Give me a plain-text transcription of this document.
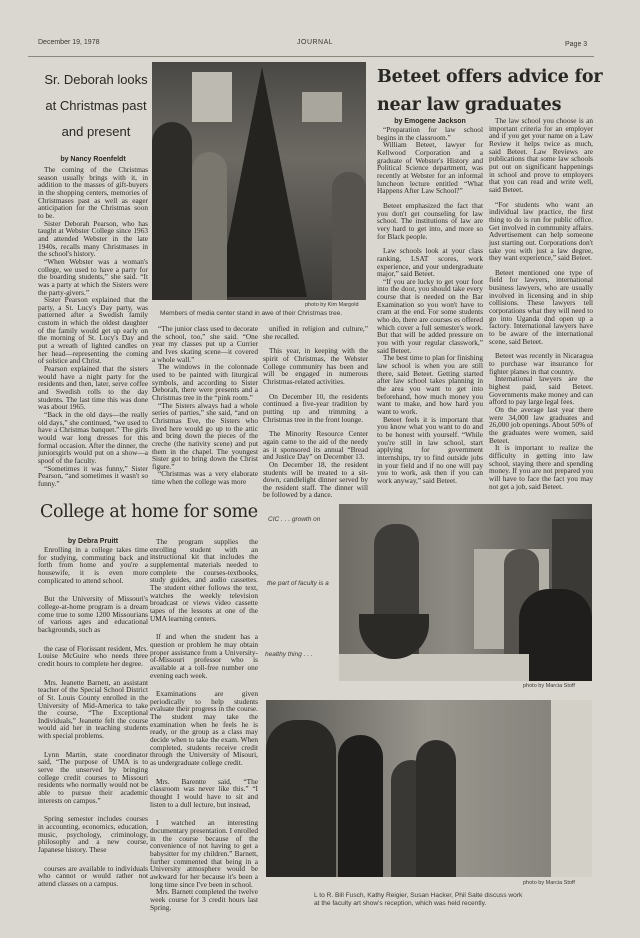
December 19, 1978	JOURNAL	Page 3
Sr. Deborah looks
at Christmas past
and present
by Nancy Roenfeldt

The coming of the Christmas season usually brings with it, in addition to the masses of gift-buyers in the shopping centers, memories of Christmases past as well as eager anticipation for the Christmas soon to be.

Sister Deborah Pearson, who has taught at Webster College since 1963 and attended Webster in the late 1940s, recalls many Christmases in the school's history.

“When Webster was a woman's college, we used to have a party for the boarding students,” she said. “It was a party at which the Sisters were the party-givers.”

Sister Pearson explained that the party, a St. Lucy's Day party, was patterned after a Swedish family custom in which the oldest daughter of the family would get up early on the morning of St. Lucy's Day and put a wreath of lighted candles on her head—representing the coming of solstice and Christ.

Pearson explained that the sisters would have a night party for the residents and then, later, serve coffee and Swedish rolls to the day students. The last time this was done was about 1965.

“Back in the old days—the really old days,” she continued, “we used to have a Christmas banquet.” The girls would war long dresses for this formal occasion. After the dinner, the juniorsgirls would put on a show—a spoof of the faculty.

“Sometimes it was funny,” Sister Pearson, “and sometimes it wasn't so funny.”

photo by Kim Margold
Members of media center stand in awe of their Christmas tree.

“The junior class used to decorate the school, too,” she said. “One year my classes put up a Currier and Ives skating scene—it covered a whole wall.”

The windows in the colonnade used to be painted with liturgical symbols, and according to Sister Deborah, there were presents and a Christmas tree in the “pink room.”

“The Sisters always had a whole series of parties,” she said, “and on Christmas Eve, the Sisters who lived here would go up to the attic and bring down the pieces of the creche (the nativity scene) and put them in the chapel. The youngest Sister got to bring down the Christ figure.”

“Christmas was a very elaborate time when the college was more

unified in religion and culture,” she recalled.

This year, in keeping with the spirit of Christmas, the Webster College community has been and will be engaged in numerous Christmas-related activities.

On December 10, the residents continued a five-year tradition by putting up and trimming a Christmas tree in the front lounge.

The Minority Resource Center again came to the aid of the needy as it sponsored its annual “Bread and Justice Day” on December 13.

On December 18, the resident students will be treated to a sit-down, candlelight dinner served by the resident staff. The dinner will be followed by a dance.

Beteet offers advice for
near law graduates
by Emogene Jackson

“Preparation for law school begins in the classroom.”

William Beteet, lawyer for Kellwood Corporation and a graduate of Webster's History and Political Science department, was recently at Webster for an informal luncheon lecture entitled “What Happens After Law School?”

Beteet emphasized the fact that you don't get counseling for law school. The institutions of law are very hard to get into, and more so for Black people.

Law schools look at your class ranking, LSAT scores, work experience, and your undergraduate major,” said Beteet.

“If you are lucky to get your foot into the door, you should take every course that is needed on the Bar Examination so you won't have to cram at the end. For some students who do, there are courses es offered which cover a full semester's work. But that will be added pressure on you with your regular classwork,” said Beteet.

The best time to plan for finishing law school is when you are still there, said Beteet. Getting started after law school takes planning in the area you want to get into beforehand, how much money you want to make, and how hard you want to work.

Beteet feels it is important that you know what you want to do and to be honest with yourself. “While you're still in law school, start applying for government internships, try to find outside jobs in your field and if no one will pay you to work, ask then if you can work anyway,” said Beteet.

The law school you choose is an important criteria for an employer and if you get your name on a Law Review it helps twice as much, said Beteet. Law Reviews are publications that some law schools put out on significant happenings in school and prove to employers that you can read and write well, said Beteet.

“For students who want an individual law practice, the first thing to do is run for public office. Get involved in community affairs. Advertisement can help someone just starting out. Corporations don't take you with just a law degree, they want experience,” said Beteet.

Beteet mentioned one type of field for lawyers, international business lawyers, who are usually involved in licensing and in ship collisions. These lawyers tell corporations what they will need to go into Uganda dnd open up a factory. International lawyers have to be aware of the international scene, said Beteet.

Beteet was recently in Nicaragua to purchase war insurance for fighter planes in that country.

International lawyers are the highest paid, said Beteet. Governments make money and can afford to pay large legal fees.

On the average last year there were 34,000 law graduates and 26,000 job openings. About 50% of the graduates were women, said Beteet.

It is important to realize the difficulty in getting into law school, staying there and spending money. If you are not prepared you will have to face the fact you may not get a job, said Beteet.

College at home for some
by Debra Pruitt

Enrolling in a college takes time for studying, commuting back and forth from home and you're a housewife, it is even more complicated to attend school.

But the University of Missouri's college-at-home program is a dream come true to some 1200 Missourians of various ages and educational backgrounds, such as

the case of Florissant resident, Mrs. Louise McGuire who needs three credit hours to complete her degree.

Mrs. Jeanette Barnett, an assistant teacher of the Special School District of St. Louis County enrolled in the University of Mid-America to take the course, “The Exceptional Individuals,” Jeanette felt the course would aid her in teaching students with special problems.

Lynn Martin, state coordinator said, “The purpose of UMA is to serve the unserved by bringing college credit courses to Missouri residents who normally would not be able to pursue their academic interests on campus.”

Spring semester includes courses in accounting, economics, education, music, psychology, criminology, philosophy and a new course, Japanese history. These

courses are available to individuals who cannot or would rather not attend classes on a campus.

The program supplies the enrolling student with an instructional kit that includes the supplemental materials needed to complete the courses-textbooks, study guides, and audio cassettes. The student either follows the text, watches the weekly television broadcast or views video cassette tapes of the lessons at one of the UMA learning centers.

If and when the student has a question or problem he may obtain proper assistance from a University-of-Missouri professor who is available at a toll-free number one evening each week.

Examinations are given periodically to help students evaluate their progress in the course. The student may take the examination when he feels he is ready, or the group as a class may decide when to take the exam. When completed, students receive credit through the University of Misouri, as undergraduate college credit.

Mrs. Barentte said, “The classroom was never like this.” “I thought I would have to sit and listen to a dull lecture, but instead,

I watched an interesting documentary presentation. I enrolled in the course because of the convenience of not having to get a babysitter for my children.” Barnett, further commented that being in a University atmosphere would be awkward for her because it's been a long time since I've been in school.

Mrs. Barnett completed the twelve week course for 3 credit hours last Spring.

CIC . . . growth on
the part of faculty is a
healthy thing . . .
photo by Marcia Stoff
photo by Marcia Stoff
L to R. Bill Fusch, Kathy Reigier, Susan Hacker, Phil Salte discuss work
at the faculty art show's reception, which was held recently.
